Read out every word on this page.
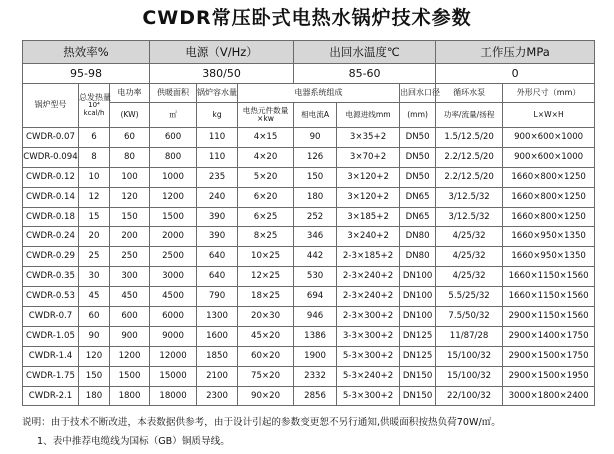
CWDR常压卧式电热水锅炉技术参数
热效率%			电源（V/Hz）			出回水温度℃			工作压力MPa	
95-98			380/50			85-60			0	
锅炉型号	总发热量
10⁴
kcal/h	电功率	供暖面积	锅炉容水量	电器系统组成			出回水口径	循环水泵	外形尺寸（mm）
		(KW)	㎡	kg	电热元件数量×kw	相电流A	电源进线mm	(mm)	功率/流量/扬程	L×W×H
CWDR-0.07	6	60	600	110	4×15	90	3×35+2	DN50	1.5/12.5/20	900×600×1000
CWDR-0.094	8	80	800	110	4×20	126	3×70+2	DN50	2.2/12.5/20	900×600×1000
CWDR-0.12	10	100	1000	235	5×20	150	3×120+2	DN50	2.2/12.5/20	1660×800×1250
CWDR-0.14	12	120	1200	240	6×20	180	3×120+2	DN65	3/12.5/32	1660×800×1250
CWDR-0.18	15	150	1500	390	6×25	252	3×185+2	DN65	3/12.5/32	1660×800×1250
CWDR-0.24	20	200	2000	390	8×25	346	3×240+2	DN80	4/25/32	1660×950×1350
CWDR-0.29	25	250	2500	640	10×25	442	2-3×185+2	DN80	4/25/32	1660×950×1350
CWDR-0.35	30	300	3000	640	12×25	530	2-3×240+2	DN100	4/25/32	1660×1150×1560
CWDR-0.53	45	450	4500	790	18×25	694	2-3×240+2	DN100	5.5/25/32	1660×1150×1560
CWDR-0.7	60	600	6000	1300	20×30	946	2-3×300+2	DN100	7.5/50/32	2900×1150×1560
CWDR-1.05	90	900	9000	1600	45×20	1386	3-3×300+2	DN125	11/87/28	2900×1400×1750
CWDR-1.4	120	1200	12000	1850	60×20	1900	5-3×300+2	DN125	15/100/32	2900×1500×1750
CWDR-1.75	150	1500	15000	2100	75×20	2332	5-3×240+2	DN150	15/100/32	2900×1500×1950
CWDR-2.1	180	1800	18000	2300	90×20	2856	5-3×300+2	DN150	22/100/32	3000×1800×2400
说明：由于技术不断改进，本表数据供参考，由于设计引起的参数变更恕不另行通知,供暖面积按热负荷70W/㎡。
1、表中推荐电缆线为国标（GB）铜质导线。
